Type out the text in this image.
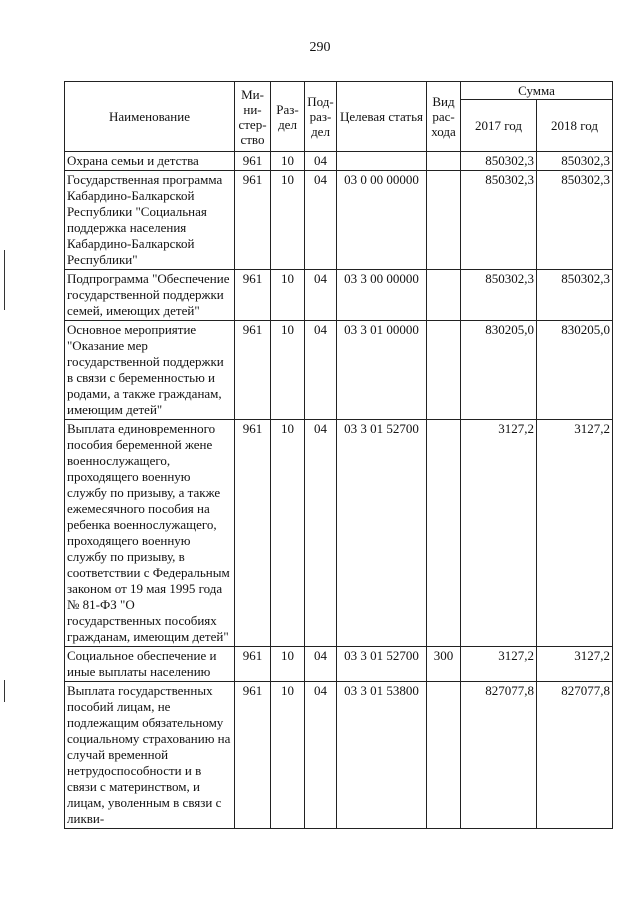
290
Наименование	Ми-ни-стер-ство	Раз-дел	Под-раз-дел	Целевая статья	Вид рас-хода	Сумма	
						2017 год	2018 год
Охрана семьи и детства	961	10	04			850302,3	850302,3
Государственная программа Кабардино-Балкарской Республики "Социальная поддержка населения Кабардино-Балкарской Республики"	961	10	04	03 0 00 00000		850302,3	850302,3
Подпрограмма "Обеспечение государственной поддержки семей, имеющих детей"	961	10	04	03 3 00 00000		850302,3	850302,3
Основное мероприятие "Оказание мер государственной поддержки в связи с беременностью и родами, а также гражданам, имеющим детей"	961	10	04	03 3 01 00000		830205,0	830205,0
Выплата единовременного пособия беременной жене военнослужащего, проходящего военную службу по призыву, а также ежемесячного пособия на ребенка военнослужащего, проходящего военную службу по призыву, в соответствии с Федеральным законом от 19 мая 1995 года № 81-ФЗ "О государственных пособиях гражданам, имеющим детей"	961	10	04	03 3 01 52700		3127,2	3127,2
Социальное обеспечение и иные выплаты населению	961	10	04	03 3 01 52700	300	3127,2	3127,2
Выплата государственных пособий лицам, не подлежащим обязательному социальному страхованию на случай временной нетрудоспособности и в связи с материнством, и лицам, уволенным в связи с ликви-	961	10	04	03 3 01 53800		827077,8	827077,8
